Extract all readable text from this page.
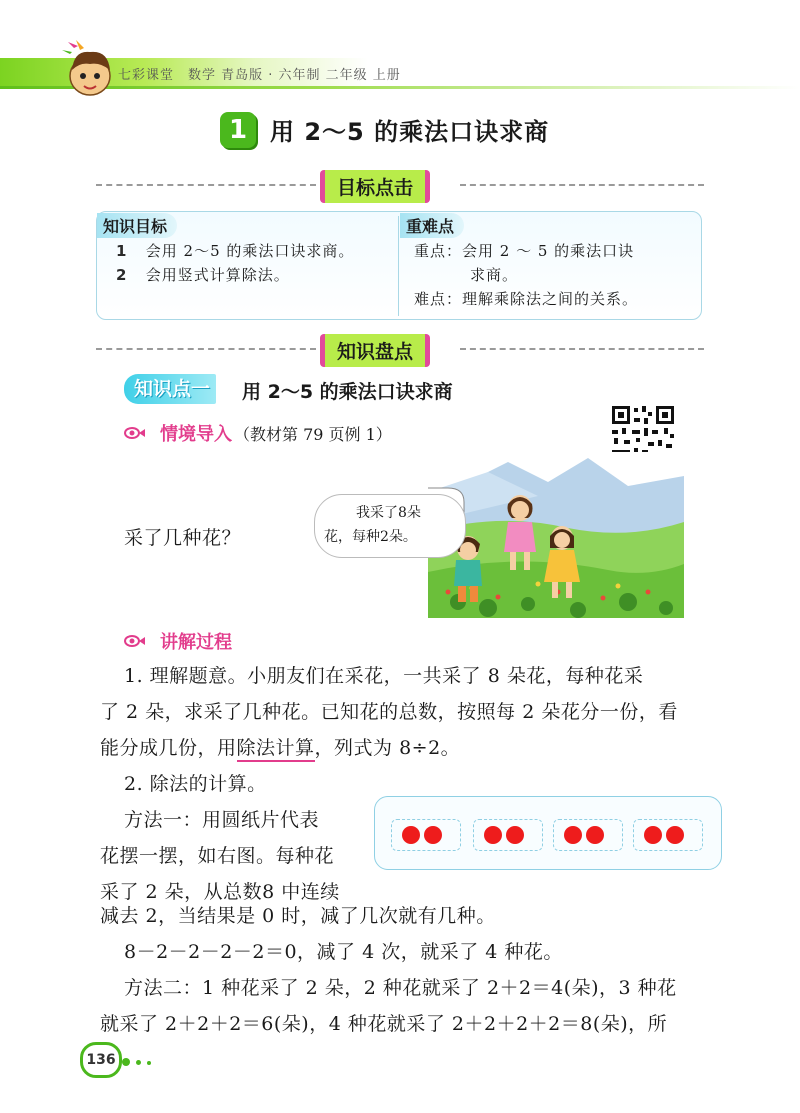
七彩课堂　数学 青岛版 · 六年制 二年级 上册
1 用 2～5 的乘法口诀求商
目标点击
知识目标
1 会用 2～5 的乘法口诀求商。
2 会用竖式计算除法。
重难点
重点：会用 2 ～ 5 的乘法口诀
求商。
难点：理解乘除法之间的关系。
知识盘点
知识点一	用 2～5 的乘法口诀求商
情境导入 （教材第 79 页例 1）
采了几种花？
我采了8朵
花，每种2朵。
讲解过程
1. 理解题意。小朋友们在采花，一共采了 8 朵花，每种花采
了 2 朵，求采了几种花。已知花的总数，按照每 2 朵花分一份，看
能分成几份，用除法计算，列式为 8÷2。
2. 除法的计算。
方法一：用圆纸片代表
花摆一摆，如右图。每种花
采了 2 朵，从总数8 中连续
减去 2，当结果是 0 时，减了几次就有几种。
8－2－2－2－2＝0，减了 4 次，就采了 4 种花。
方法二：1 种花采了 2 朵，2 种花就采了 2＋2＝4(朵)，3 种花
就采了 2＋2＋2＝6(朵)，4 种花就采了 2＋2＋2＋2＝8(朵)，所
136
